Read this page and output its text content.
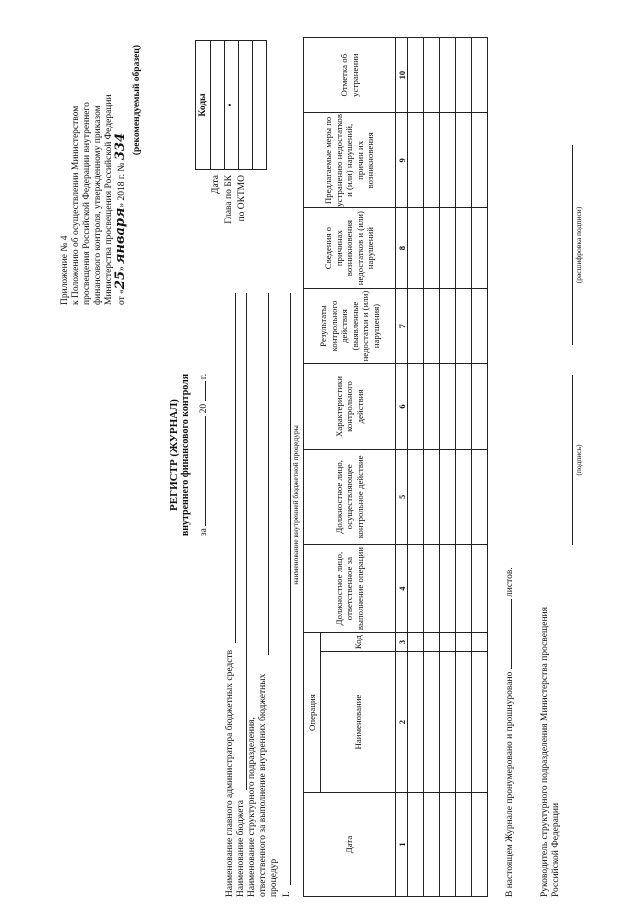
Приложение № 4 к Положению об осуществлении Министерством просвещения Российской Федерации внутреннего финансового контроля, утвержденному приказом Министерства просвещения Российской Федерации от «25» января» 2018 г. № 334 (рекомендуемый образец)
Дата Глава по БК по ОКТМО
Коды

•

РЕГИСТР (ЖУРНАЛ) внутреннего финансового контроля за  20  г.
Наименование главного администратора бюджетных средств Наименование бюджета Наименование структурного подразделения, ответственного за выполнение внутренних бюджетных процедур I.
наименование внутренней бюджетной процедуры
Дата	Операция		Должностное лицо, ответственное за выполнение операции	Должностное лицо, осуществляющее контрольное действие	Характеристики контрольного действия	Результаты контрольного действия (выявленные недостатки и (или) нарушения)	Сведения о причинах возникновения недостатков и (или) нарушений	Предлагаемые меры по устранению недостатков и (или) нарушений, причин их возникновения	Отметка об устранении
	Наименование	Код							
1	2	3	4	5	6	7	8	9	10

В настоящем Журнале пронумеровано и прошнуровано  листов.
Руководитель структурного подразделения Министерства просвещения Российской Федерации
(подпись)
(расшифровка подписи)
